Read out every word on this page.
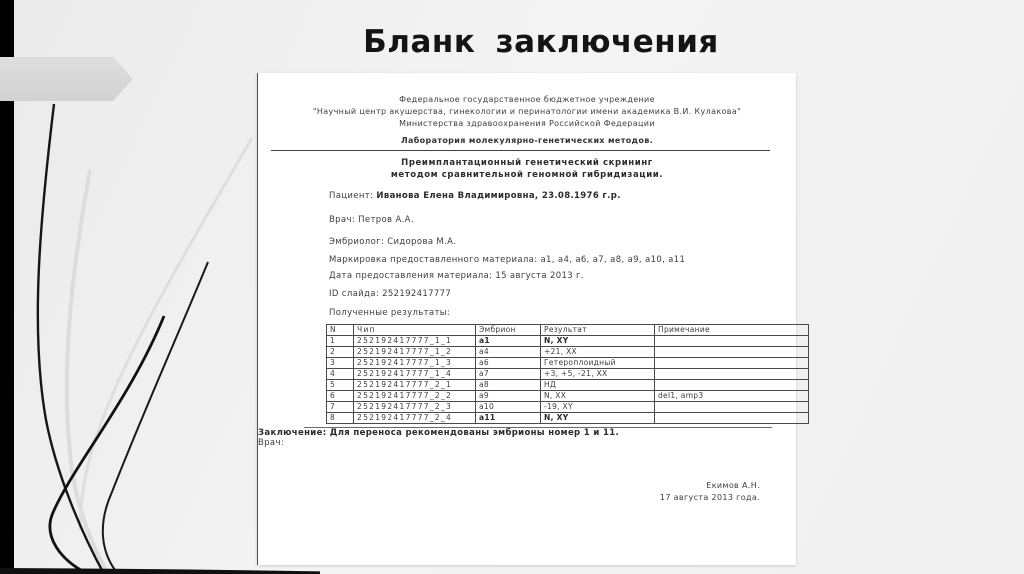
Бланк заключения

Федеральное государственное бюджетное учреждение

"Научный центр акушерства, гинекологии и перинатологии имени академика В.И. Кулакова"

Министерства здравоохранения Российской Федерации

Лаборатория молекулярно-генетических методов.

Преимплантационный генетический скрининг
методом сравнительной геномной гибридизации.

Пациент: Иванова Елена Владимировна, 23.08.1976 г.р.

Врач: Петров А.А.

Эмбриолог: Сидорова М.А.

Маркировка предоставленного материала: а1, а4, а6, а7, а8, а9, а10, а11

Дата предоставления материала: 15 августа 2013 г.

ID слайда: 252192417777

Полученные результаты:

N	Чип	Эмбрион	Результат	Примечание
1	252192417777_1_1	а1	N, XY	
2	252192417777_1_2	а4	+21, XX	
3	252192417777_1_3	а6	Гетероплоидный	
4	252192417777_1_4	а7	+3, +5, -21, XX	
5	252192417777_2_1	а8	НД	
6	252192417777_2_2	а9	N, XX	del1, amp3
7	252192417777_2_3	а10	-19, XY	
8	252192417777_2_4	а11	N, XY	

Заключение: Для переноса рекомендованы эмбрионы номер 1 и 11.

Врач:

Екимов А.Н.
17 августа 2013 года.
